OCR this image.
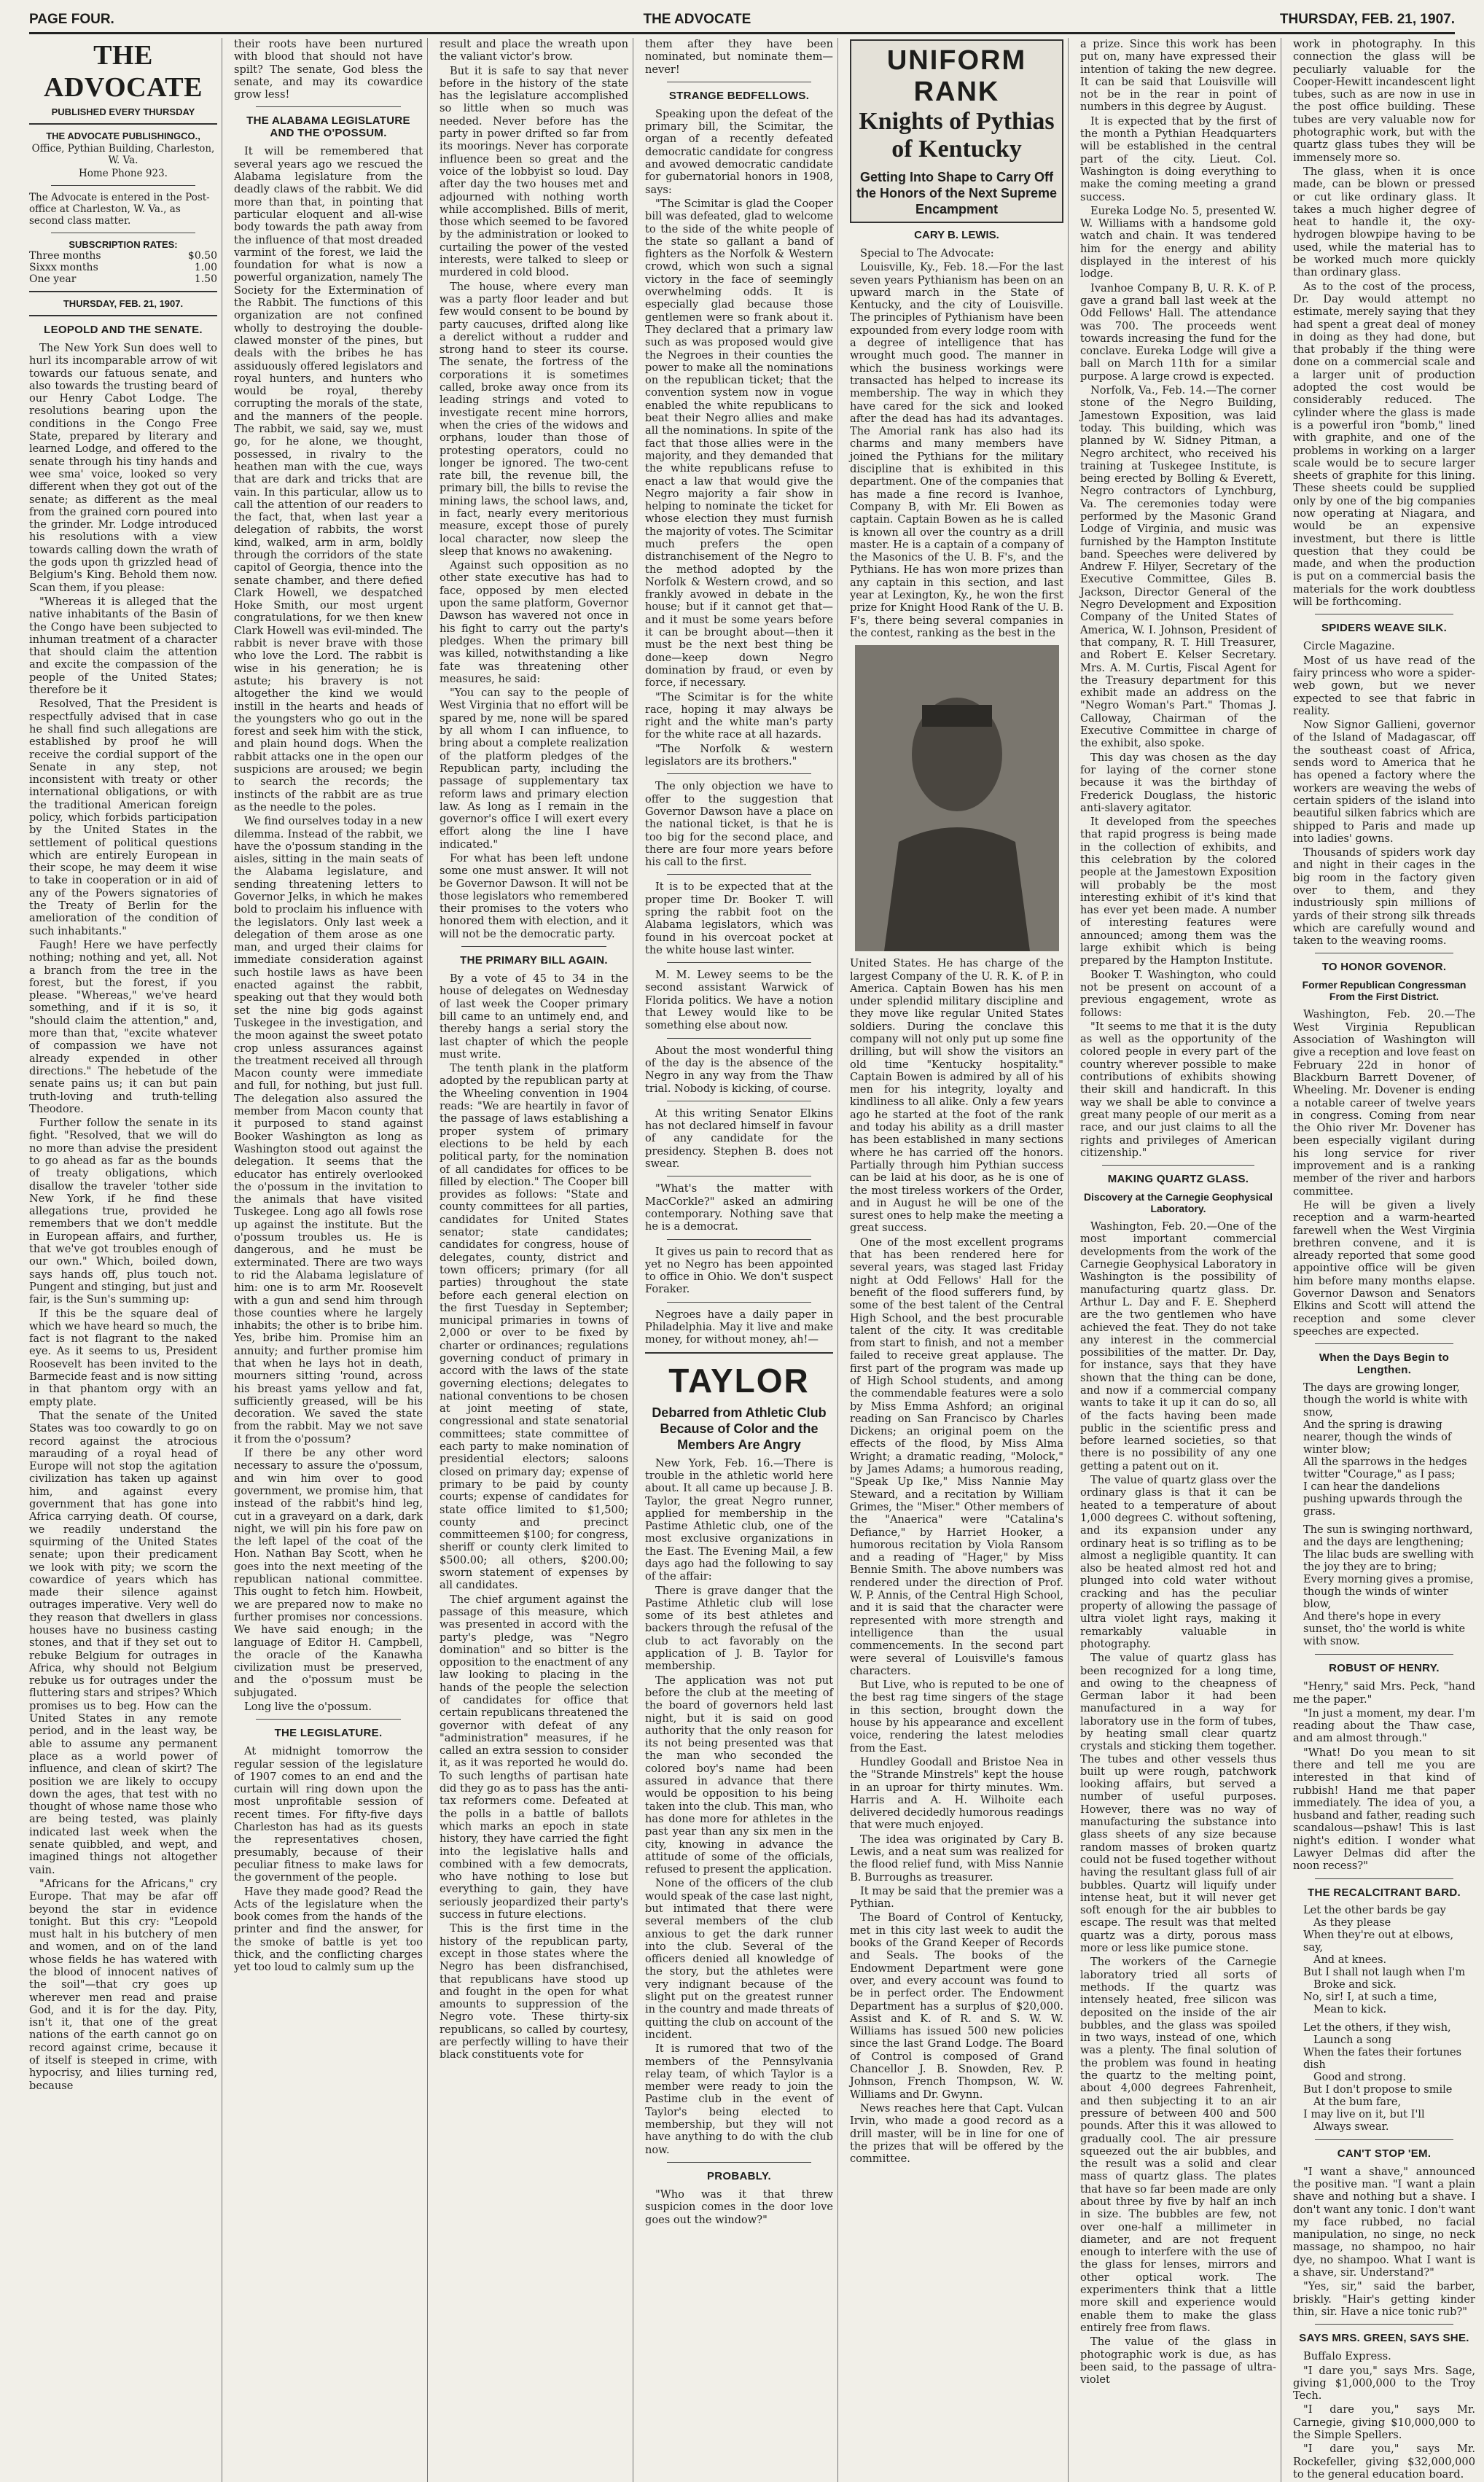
PAGE FOUR.	THE ADVOCATE	THURSDAY, FEB. 21, 1907.
THE ADVOCATE
PUBLISHED EVERY THURSDAY
THE ADVOCATE PUBLISHINGCO.,
Office, Pythian Building, Charleston, W. Va.
Home Phone 923.
The Advocate is entered in the Post-office at Charleston, W. Va., as second class matter.
SUBSCRIPTION RATES:
Three months	$0.50
Sixxx months	1.00
One year	1.50
THURSDAY, FEB. 21, 1907.
LEOPOLD AND THE SENATE.

The New York Sun does well to hurl its incomparable arrow of wit towards our fatuous senate, and also towards the trusting beard of our Henry Cabot Lodge. The resolutions bearing upon the conditions in the Congo Free State, prepared by literary and learned Lodge, and offered to the senate through his tiny hands and wee sma' voice, looked so very different when they got out of the senate; as different as the meal from the grained corn poured into the grinder. Mr. Lodge introduced his resolutions with a view towards calling down the wrath of the gods upon th grizzled head of Belgium's King. Behold them now. Scan them, if you please:

"Whereas it is alleged that the native inhabitants of the Basin of the Congo have been subjected to inhuman treatment of a character that should claim the attention and excite the compassion of the people of the United States; therefore be it

Resolved, That the President is respectfully advised that in case he shall find such allegations are established by proof he will receive the cordial support of the Senate in any step, not inconsistent with treaty or other international obligations, or with the traditional American foreign policy, which forbids participation by the United States in the settlement of political questions which are entirely European in their scope, he may deem it wise to take in cooperation or in aid of any of the Powers signatories of the Treaty of Berlin for the amelioration of the condition of such inhabitants."

Faugh! Here we have perfectly nothing; nothing and yet, all. Not a branch from the tree in the forest, but the forest, if you please. "Whereas," we've heard something, and if it is so, it "should claim the attention," and, more than that, "excite whatever of compassion we have not already expended in other directions." The hebetude of the senate pains us; it can but pain truth-loving and truth-telling Theodore.

Further follow the senate in its fight. "Resolved, that we will do no more than advise the president to go ahead as far as the bounds of treaty obligations, which disallow the traveler 'tother side New York, if he find these allegations true, provided he remembers that we don't meddle in European affairs, and further, that we've got troubles enough of our own." Which, boiled down, says hands off, plus touch not. Pungent and stinging, but just and fair, is the Sun's summing up:

If this be the square deal of which we have heard so much, the fact is not flagrant to the naked eye. As it seems to us, President Roosevelt has been invited to the Barmecide feast and is now sitting in that phantom orgy with an empty plate.

That the senate of the United States was too cowardly to go on record against the atrocious marauding of a royal head of Europe will not stop the agitation civilization has taken up against him, and against every government that has gone into Africa carrying death. Of course, we readily understand the squirming of the United States senate; upon their predicament we look with pity; we scorn the cowardice of years which has made their silence against outrages imperative. Very well do they reason that dwellers in glass houses have no business casting stones, and that if they set out to rebuke Belgium for outrages in Africa, why should not Belgium rebuke us for outrages under the fluttering stars and stripes? Which promises us to beg. How can the United States in any remote period, and in the least way, be able to assume any permanent place as a world power of influence, and clean of skirt? The position we are likely to occupy down the ages, that test with no thought of whose name those who are being tested, was plainly indicated last week when the senate quibbled, and wept, and imagined things not altogether vain.

"Africans for the Africans," cry Europe. That may be afar off beyond the star in evidence tonight. But this cry: "Leopold must halt in his butchery of men and women, and on of the land whose fields he has watered with the blood of innocent natives of the soil"—that cry goes up wherever men read and praise God, and it is for the day. Pity, isn't it, that one of the great nations of the earth cannot go on record against crime, because it of itself is steeped in crime, with hypocrisy, and lilies turning red, because

their roots have been nurtured with blood that should not have spilt? The senate, God bless the senate, and may its cowardice grow less!

THE ALABAMA LEGISLATURE AND THE O'POSSUM.

It will be remembered that several years ago we rescued the Alabama legislature from the deadly claws of the rabbit. We did more than that, in pointing that particular eloquent and all-wise body towards the path away from the influence of that most dreaded varmint of the forest, we laid the foundation for what is now a powerful organization, namely The Society for the Extermination of the Rabbit. The functions of this organization are not confined wholly to destroying the double-clawed monster of the pines, but deals with the bribes he has assiduously offered legislators and royal hunters, and hunters who would be royal, thereby corrupting the morals of the state, and the manners of the people. The rabbit, we said, say we, must go, for he alone, we thought, possessed, in rivalry to the heathen man with the cue, ways that are dark and tricks that are vain. In this particular, allow us to call the attention of our readers to the fact, that, when last year a delegation of rabbits, the worst kind, walked, arm in arm, boldly through the corridors of the state capitol of Georgia, thence into the senate chamber, and there defied Clark Howell, we despatched Hoke Smith, our most urgent congratulations, for we then knew Clark Howell was evil-minded. The rabbit is never brave with those who love the Lord. The rabbit is wise in his generation; he is astute; his bravery is not altogether the kind we would instill in the hearts and heads of the youngsters who go out in the forest and seek him with the stick, and plain hound dogs. When the rabbit attacks one in the open our suspicions are aroused; we begin to search the records; the instincts of the rabbit are as true as the needle to the poles.

We find ourselves today in a new dilemma. Instead of the rabbit, we have the o'possum standing in the aisles, sitting in the main seats of the Alabama legislature, and sending threatening letters to Governor Jelks, in which he makes bold to proclaim his influence with the legislators. Only last week a delegation of them arose as one man, and urged their claims for immediate consideration against such hostile laws as have been enacted against the rabbit, speaking out that they would both set the nine big gods against Tuskegee in the investigation, and the moon against the sweet potato crop unless assurances against the treatment received all through Macon county were immediate and full, for nothing, but just full. The delegation also assured the member from Macon county that it purposed to stand against Booker Washington as long as Washington stood out against the delegation. It seems that the educator has entirely overlooked the o'possum in the invitation to the animals that have visited Tuskegee. Long ago all fowls rose up against the institute. But the o'possum troubles us. He is dangerous, and he must be exterminated. There are two ways to rid the Alabama legislature of him: one is to arm Mr. Roosevelt with a gun and send him through those counties where he largely inhabits; the other is to bribe him. Yes, bribe him. Promise him an annuity; and further promise him that when he lays hot in death, mourners sitting 'round, across his breast yams yellow and fat, sufficiently greased, will be his decoration. We saved the state from the rabbit. May we not save it from the o'possum?

If there be any other word necessary to assure the o'possum, and win him over to good government, we promise him, that instead of the rabbit's hind leg, cut in a graveyard on a dark, dark night, we will pin his fore paw on the left lapel of the coat of the Hon. Nathan Bay Scott, when he goes into the next meeting of the republican national committee. This ought to fetch him. Howbeit, we are prepared now to make no further promises nor concessions. We have said enough; in the language of Editor H. Campbell, the oracle of the Kanawha civilization must be preserved, and the o'possum must be subjugated.

Long live the o'possum.

THE LEGISLATURE.

At midnight tomorrow the regular session of the legislature of 1907 comes to an end and the curtain will ring down upon the most unprofitable session of recent times. For fifty-five days Charleston has had as its guests the representatives chosen, presumably, because of their peculiar fitness to make laws for the government of the people.

Have they made good? Read the Acts of the legislature when the book comes from the hands of the printer and find the answer, for the smoke of battle is yet too thick, and the conflicting charges yet too loud to calmly sum up the

result and place the wreath upon the valiant victor's brow.

But it is safe to say that never before in the history of the state has the legislature accomplished so little when so much was needed. Never before has the party in power drifted so far from its moorings. Never has corporate influence been so great and the voice of the lobbyist so loud. Day after day the two houses met and adjourned with nothing worth while accomplished. Bills of merit, those which seemed to be favored by the administration or looked to curtailing the power of the vested interests, were talked to sleep or murdered in cold blood.

The house, where every man was a party floor leader and but few would consent to be bound by party caucuses, drifted along like a derelict without a rudder and strong hand to steer its course. The senate, the fortress of the corporations it is sometimes called, broke away once from its leading strings and voted to investigate recent mine horrors, when the cries of the widows and orphans, louder than those of protesting operators, could no longer be ignored. The two-cent rate bill, the revenue bill, the primary bill, the bills to revise the mining laws, the school laws, and, in fact, nearly every meritorious measure, except those of purely local character, now sleep the sleep that knows no awakening.

Against such opposition as no other state executive has had to face, opposed by men elected upon the same platform, Governor Dawson has wavered not once in his fight to carry out the party's pledges. When the primary bill was killed, notwithstanding a like fate was threatening other measures, he said:

"You can say to the people of West Virginia that no effort will be spared by me, none will be spared by all whom I can influence, to bring about a complete realization of the platform pledges of the Republican party, including the passage of supplementary tax reform laws and primary election law. As long as I remain in the governor's office I will exert every effort along the line I have indicated."

For what has been left undone some one must answer. It will not be Governor Dawson. It will not be those legislators who remembered their promises to the voters who honored them with election, and it will not be the democratic party.

THE PRIMARY BILL AGAIN.

By a vote of 45 to 34 in the house of delegates on Wednesday of last week the Cooper primary bill came to an untimely end, and thereby hangs a serial story the last chapter of which the people must write.

The tenth plank in the platform adopted by the republican party at the Wheeling convention in 1904 reads: "We are heartily in favor of the passage of laws establishing a proper system of primary elections to be held by each political party, for the nomination of all candidates for offices to be filled by election." The Cooper bill provides as follows: "State and county committees for all parties, candidates for United States senator; state candidates; candidates for congress, house of delegates, county, district and town officers; primary (for all parties) throughout the state before each general election on the first Tuesday in September; municipal primaries in towns of 2,000 or over to be fixed by charter or ordinances; regulations governing conduct of primary in accord with the laws of the state governing elections; delegates to national conventions to be chosen at joint meeting of state, congressional and state senatorial committees; state committee of each party to make nomination of presidential electors; saloons closed on primary day; expense of primary to be paid by county courts; expense of candidates for state office limited to $1,500; county and precinct committeemen $100; for congress, sheriff or county clerk limited to $500.00; all others, $200.00; sworn statement of expenses by all candidates.

The chief argument against the passage of this measure, which was presented in accord with the party's pledge, was "Negro domination" and so bitter is the opposition to the enactment of any law looking to placing in the hands of the people the selection of candidates for office that certain republicans threatened the governor with defeat of any "administration" measures, if he called an extra session to consider it, as it was reported he would do. To such lengths of partisan hate did they go as to pass has the anti-tax reformers come. Defeated at the polls in a battle of ballots which marks an epoch in state history, they have carried the fight into the legislative halls and combined with a few democrats, who have nothing to lose but everything to gain, they have seriously jeopardized their party's success in future elections.

This is the first time in the history of the republican party, except in those states where the Negro has been disfranchised, that republicans have stood up and fought in the open for what amounts to suppression of the Negro vote. These thirty-six republicans, so called by courtesy, are perfectly willing to have their black constituents vote for

them after they have been nominated, but nominate them—never!

STRANGE BEDFELLOWS.

Speaking upon the defeat of the primary bill, the Scimitar, the organ of a recently defeated democratic candidate for congress and avowed democratic candidate for gubernatorial honors in 1908, says:

"The Scimitar is glad the Cooper bill was defeated, glad to welcome to the side of the white people of the state so gallant a band of fighters as the Norfolk & Western crowd, which won such a signal victory in the face of seemingly overwhelming odds. It is especially glad because those gentlemen were so frank about it. They declared that a primary law such as was proposed would give the Negroes in their counties the power to make all the nominations on the republican ticket; that the convention system now in vogue enabled the white republicans to beat their Negro allies and make all the nominations. In spite of the fact that those allies were in the majority, and they demanded that the white republicans refuse to enact a law that would give the Negro majority a fair show in helping to nominate the ticket for whose election they must furnish the majority of votes. The Scimitar much prefers the open distranchisement of the Negro to the method adopted by the Norfolk & Western crowd, and so frankly avowed in debate in the house; but if it cannot get that—and it must be some years before it can be brought about—then it must be the next best thing be done—keep down Negro domination by fraud, or even by force, if necessary.

"The Scimitar is for the white race, hoping it may always be right and the white man's party for the white race at all hazards.

"The Norfolk & western legislators are its brothers."

The only objection we have to offer to the suggestion that Governor Dawson have a place on the national ticket, is that he is too big for the second place, and there are four more years before his call to the first.

It is to be expected that at the proper time Dr. Booker T. will spring the rabbit foot on the Alabama legislators, which was found in his overcoat pocket at the white house last winter.

M. M. Lewey seems to be the second assistant Warwick of Florida politics. We have a notion that Lewey would like to be something else about now.

About the most wonderful thing of the day is the absence of the Negro in any way from the Thaw trial. Nobody is kicking, of course.

At this writing Senator Elkins has not declared himself in favour of any candidate for the presidency. Stephen B. does not swear.

"What's the matter with MacCorkle?" asked an admiring contemporary. Nothing save that he is a democrat.

It gives us pain to record that as yet no Negro has been appointed to office in Ohio. We don't suspect Foraker.

Negroes have a daily paper in Philadelphia. May it live and make money, for without money, ah!—

TAYLOR
Debarred from Athletic Club Because of Color and the Members Are Angry

New York, Feb. 16.—There is trouble in the athletic world here about. It all came up because J. B. Taylor, the great Negro runner, applied for membership in the Pastime Athletic club, one of the most exclusive organizations in the East. The Evening Mail, a few days ago had the following to say of the affair:

There is grave danger that the Pastime Athletic club will lose some of its best athletes and backers through the refusal of the club to act favorably on the application of J. B. Taylor for membership.

The application was not put before the club at the meeting of the board of governors held last night, but it is said on good authority that the only reason for its not being presented was that the man who seconded the colored boy's name had been assured in advance that there would be opposition to his being taken into the club. This man, who has done more for athletes in the past year than any six men in the city, knowing in advance the attitude of some of the officials, refused to present the application.

None of the officers of the club would speak of the case last night, but intimated that there were several members of the club anxious to get the dark runner into the club. Several of the officers denied all knowledge of the story, but the athletes were very indignant because of the slight put on the greatest runner in the country and made threats of quitting the club on account of the incident.

It is rumored that two of the members of the Pennsylvania relay team, of which Taylor is a member were ready to join the Pastime club in the event of Taylor's being elected to membership, but they will not have anything to do with the club now.

PROBABLY.

"Who was it that threw suspicion comes in the door love goes out the window?"

UNIFORM RANK
Knights of Pythias of Kentucky
Getting Into Shape to Carry Off the Honors of the Next Supreme Encampment
CARY B. LEWIS.

Special to The Advocate:

Louisville, Ky., Feb. 18.—For the last seven years Pythianism has been on an upward march in the State of Kentucky, and the city of Louisville. The principles of Pythianism have been expounded from every lodge room with a degree of intelligence that has wrought much good. The manner in which the business workings were transacted has helped to increase its membership. The way in which they have cared for the sick and looked after the dead has had its advantages. The Amorial rank has also had its charms and many members have joined the Pythians for the military discipline that is exhibited in this department. One of the companies that has made a fine record is Ivanhoe, Company B, with Mr. Eli Bowen as captain. Captain Bowen as he is called is known all over the country as a drill master. He is a captain of a company of the Masonics of the U. B. F's, and the Pythians. He has won more prizes than any captain in this section, and last year at Lexington, Ky., he won the first prize for Knight Hood Rank of the U. B. F's, there being several companies in the contest, ranking as the best in the

United States. He has charge of the largest Company of the U. R. K. of P. in America. Captain Bowen has his men under splendid military discipline and they move like regular United States soldiers. During the conclave this company will not only put up some fine drilling, but will show the visitors an old time "Kentucky hospitality." Captain Bowen is admired by all of his men for his integrity, loyalty and kindliness to all alike. Only a few years ago he started at the foot of the rank and today his ability as a drill master has been established in many sections where he has carried off the honors. Partially through him Pythian success can be laid at his door, as he is one of the most tireless workers of the Order, and in August he will be one of the surest ones to help make the meeting a great success.

One of the most excellent programs that has been rendered here for several years, was staged last Friday night at Odd Fellows' Hall for the benefit of the flood sufferers fund, by some of the best talent of the Central High School, and the best procurable talent of the city. It was creditable from start to finish, and not a member failed to receive great applause. The first part of the program was made up of High School students, and among the commendable features were a solo by Miss Emma Ashford; an original reading on San Francisco by Charles Dickens; an original poem on the effects of the flood, by Miss Alma Wright; a dramatic reading, "Molock," by James Adams; a humorous reading, "Speak Up Ike," Miss Nannie May Steward, and a recitation by William Grimes, the "Miser." Other members of the "Anaerica" were "Catalina's Defiance," by Harriet Hooker, a humorous recitation by Viola Ransom and a reading of "Hager," by Miss Bennie Smith. The above numbers was rendered under the direction of Prof. W. P. Annis, of the Central High School, and it is said that the character were represented with more strength and intelligence than the usual commencements. In the second part were several of Louisville's famous characters.

But Live, who is reputed to be one of the best rag time singers of the stage in this section, brought down the house by his appearance and excellent voice, rendering the latest melodies from the East.

Hundley Goodall and Bristoe Nea in the "Strande Minstrels" kept the house in an uproar for thirty minutes. Wm. Harris and A. H. Wilhoite each delivered decidedly humorous readings that were much enjoyed.

The idea was originated by Cary B. Lewis, and a neat sum was realized for the flood relief fund, with Miss Nannie B. Burroughs as treasurer.

It may be said that the premier was a Pythian.

The Board of Control of Kentucky, met in this city last week to audit the books of the Grand Keeper of Records and Seals. The books of the Endowment Department were gone over, and every account was found to be in perfect order. The Endowment Department has a surplus of $20,000. Assist and K. of R. and S. W. W. Williams has issued 500 new policies since the last Grand Lodge. The Board of Control is composed of Grand Chancellor J. B. Snowden, Rev. P. Johnson, French Thompson, W. W. Williams and Dr. Gwynn.

News reaches here that Capt. Vulcan Irvin, who made a good record as a drill master, will be in line for one of the prizes that will be offered by the committee.

a prize. Since this work has been put on, many have expressed their intention of taking the new degree. It can be said that Louisville will not be in the rear in point of numbers in this degree by August.

It is expected that by the first of the month a Pythian Headquarters will be established in the central part of the city. Lieut. Col. Washington is doing everything to make the coming meeting a grand success.

Eureka Lodge No. 5, presented W. W. Williams with a handsome gold watch and chain. It was tendered him for the energy and ability displayed in the interest of his lodge.

Ivanhoe Company B, U. R. K. of P. gave a grand ball last week at the Odd Fellows' Hall. The attendance was 700. The proceeds went towards increasing the fund for the conclave. Eureka Lodge will give a ball on March 11th for a similar purpose. A large crowd is expected.

Norfolk, Va., Feb. 14.—The corner stone of the Negro Building, Jamestown Exposition, was laid today. This building, which was planned by W. Sidney Pitman, a Negro architect, who received his training at Tuskegee Institute, is being erected by Bolling & Everett, Negro contractors of Lynchburg, Va. The ceremonies today were performed by the Masonic Grand Lodge of Virginia, and music was furnished by the Hampton Institute band. Speeches were delivered by Andrew F. Hilyer, Secretary of the Executive Committee, Giles B. Jackson, Director General of the Negro Development and Exposition Company of the United States of America, W. I. Johnson, President of that company, R. T. Hill Treasurer, and Robert E. Kelser Secretary. Mrs. A. M. Curtis, Fiscal Agent for the Treasury department for this exhibit made an address on the "Negro Woman's Part." Thomas J. Calloway, Chairman of the Executive Committee in charge of the exhibit, also spoke.

This day was chosen as the day for laying of the corner stone because it was the birthday of Frederick Douglass, the historic anti-slavery agitator.

It developed from the speeches that rapid progress is being made in the collection of exhibits, and this celebration by the colored people at the Jamestown Exposition will probably be the most interesting exhibit of it's kind that has ever yet been made. A number of interesting features were announced; among them was the large exhibit which is being prepared by the Hampton Institute.

Booker T. Washington, who could not be present on account of a previous engagement, wrote as follows:

"It seems to me that it is the duty as well as the opportunity of the colored people in every part of the country wherever possible to make contributions of exhibits showing their skill and handicraft. In this way we shall be able to convince a great many people of our merit as a race, and our just claims to all the rights and privileges of American citizenship."

MAKING QUARTZ GLASS.
Discovery at the Carnegie Geophysical Laboratory.

Washington, Feb. 20.—One of the most important commercial developments from the work of the Carnegie Geophysical Laboratory in Washington is the possibility of manufacturing quartz glass. Dr. Arthur L. Day and F. E. Shepherd are the two gentlemen who have achieved the feat. They do not take any interest in the commercial possibilities of the matter. Dr. Day, for instance, says that they have shown that the thing can be done, and now if a commercial company wants to take it up it can do so, all of the facts having been made public in the scientific press and before learned societies, so that there is no possibility of any one getting a patent out on it.

The value of quartz glass over the ordinary glass is that it can be heated to a temperature of about 1,000 degrees C. without softening, and its expansion under any ordinary heat is so trifling as to be almost a negligible quantity. It can also be heated almost red hot and plunged into cold water without cracking and has the peculiar property of allowing the passage of ultra violet light rays, making it remarkably valuable in photography.

The value of quartz glass has been recognized for a long time, and owing to the cheapness of German labor it had been manufactured in a way for laboratory use in the form of tubes, by heating small clear quartz crystals and sticking them together. The tubes and other vessels thus built up were rough, patchwork looking affairs, but served a number of useful purposes. However, there was no way of manufacturing the substance into glass sheets of any size because random masses of broken quartz could not be fused together without having the resultant glass full of air bubbles. Quartz will liquify under intense heat, but it will never get soft enough for the air bubbles to escape. The result was that melted quartz was a dirty, porous mass more or less like pumice stone.

The workers of the Carnegie laboratory tried all sorts of methods. If the quartz was intensely heated, free silicon was deposited on the inside of the air bubbles, and the glass was spoiled in two ways, instead of one, which was a plenty. The final solution of the problem was found in heating the quartz to the melting point, about 4,000 degrees Fahrenheit, and then subjecting it to an air pressure of between 400 and 500 pounds. After this it was allowed to gradually cool. The air pressure squeezed out the air bubbles, and the result was a solid and clear mass of quartz glass. The plates that have so far been made are only about three by five by half an inch in size. The bubbles are few, not over one-half a millimeter in diameter, and are not frequent enough to interfere with the use of the glass for lenses, mirrors and other optical work. The experimenters think that a little more skill and experience would enable them to make the glass entirely free from flaws.

The value of the glass in photographic work is due, as has been said, to the passage of ultra-violet

work in photography. In this connection the glass will be peculiarly valuable for the Cooper-Hewitt incandescent light tubes, such as are now in use in the post office building. These tubes are very valuable now for photographic work, but with the quartz glass tubes they will be immensely more so.

The glass, when it is once made, can be blown or pressed or cut like ordinary glass. It takes a much higher degree of heat to handle it, the oxy-hydrogen blowpipe having to be used, while the material has to be worked much more quickly than ordinary glass.

As to the cost of the process, Dr. Day would attempt no estimate, merely saying that they had spent a great deal of money in doing as they had done, but that probably if the thing were done on a commercial scale and a larger unit of production adopted the cost would be considerably reduced. The cylinder where the glass is made is a powerful iron "bomb," lined with graphite, and one of the problems in working on a larger scale would be to secure larger sheets of graphite for this lining. These sheets could be supplied only by one of the big companies now operating at Niagara, and would be an expensive investment, but there is little question that they could be made, and when the production is put on a commercial basis the materials for the work doubtless will be forthcoming.

SPIDERS WEAVE SILK.

Circle Magazine.

Most of us have read of the fairy princess who wore a spider-web gown, but we never expected to see that fabric in reality.

Now Signor Gallieni, governor of the Island of Madagascar, off the southeast coast of Africa, sends word to America that he has opened a factory where the workers are weaving the webs of certain spiders of the island into beautiful silken fabrics which are shipped to Paris and made up into ladies' gowns.

Thousands of spiders work day and night in their cages in the big room in the factory given over to them, and they industriously spin millions of yards of their strong silk threads which are carefully wound and taken to the weaving rooms.

TO HONOR GOVENOR.
Former Republican Congressman From the First District.

Washington, Feb. 20.—The West Virginia Republican Association of Washington will give a reception and love feast on February 22d in honor of Blackburn Barrett Dovener, of Wheeling. Mr. Dovener is ending a notable career of twelve years in congress. Coming from near the Ohio river Mr. Dovener has been especially vigilant during his long service for river improvement and is a ranking member of the river and harbors committee.

He will be given a lively reception and a warm-hearted farewell when the West Virginia brethren convene, and it is already reported that some good appointive office will be given him before many months elapse. Governor Dawson and Senators Elkins and Scott will attend the reception and some clever speeches are expected.

When the Days Begin to Lengthen.
The days are growing longer, though the world is white with snow,
And the spring is drawing nearer, though the winds of winter blow;
All the sparrows in the hedges twitter "Courage," as I pass;
I can hear the dandelions pushing upwards through the grass.
The sun is swinging northward, and the days are lengthening;
The lilac buds are swelling with the joy they are to bring;
Every morning gives a promise, though the winds of winter blow,
And there's hope in every sunset, tho' the world is white with snow.
ROBUST OF HENRY.

"Henry," said Mrs. Peck, "hand me the paper."

"In just a moment, my dear. I'm reading about the Thaw case, and am almost through."

"What! Do you mean to sit there and tell me you are interested in that kind of rubbish! Hand me that paper immediately. The idea of you, a husband and father, reading such scandalous—pshaw! This is last night's edition. I wonder what Lawyer Delmas did after the noon recess?"

THE RECALCITRANT BARD.
Let the other bards be gay
As they please
When they're out at elbows, say,
And at knees.
But I shall not laugh when I'm
Broke and sick.
No, sir! I, at such a time,
Mean to kick.
Let the others, if they wish,
Launch a song
When the fates their fortunes dish
Good and strong.
But I don't propose to smile
At the bum fare,
I may live on it, but I'll
Always swear.
CAN'T STOP 'EM.

"I want a shave," announced the positive man. "I want a plain shave and nothing but a shave. I don't want any tonic. I don't want my face rubbed, no facial manipulation, no singe, no neck massage, no shampoo, no hair dye, no shampoo. What I want is a shave, sir. Understand?"

"Yes, sir," said the barber, briskly. "Hair's getting kinder thin, sir. Have a nice tonic rub?"

SAYS MRS. GREEN, SAYS SHE.

Buffalo Express.

"I dare you," says Mrs. Sage, giving $1,000,000 to the Troy Tech.

"I dare you," says Mr. Carnegie, giving $10,000,000 to the Simple Spellers.

"I dare you," says Mr. Rockefeller, giving $32,000,000 to the general education board.
